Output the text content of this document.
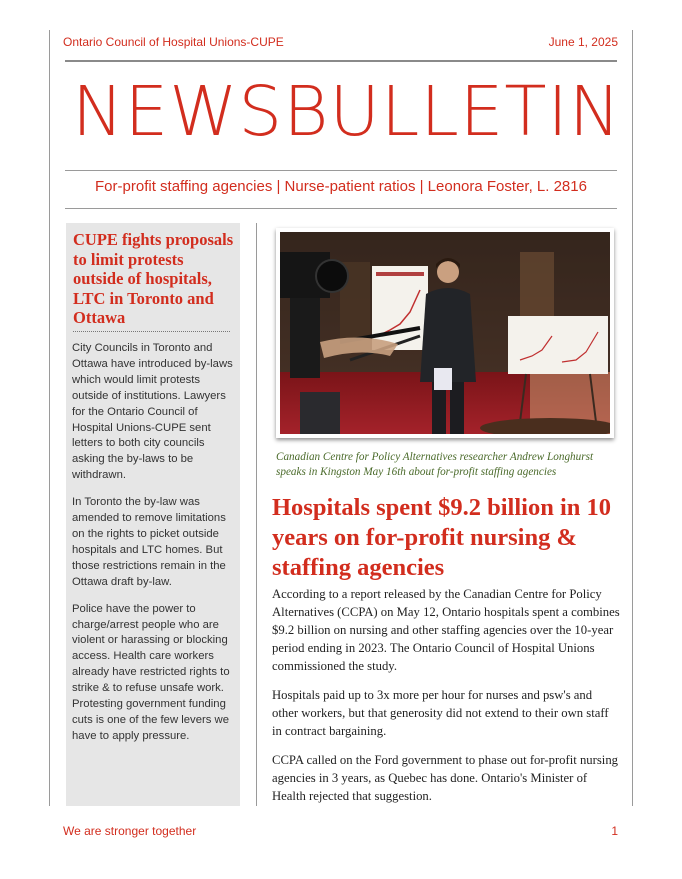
Ontario Council of Hospital Unions-CUPE	June 1, 2025
NEWSBULLETIN
For-profit staffing agencies | Nurse-patient ratios | Leonora Foster, L. 2816
CUPE fights proposals to limit protests outside of hospitals, LTC in Toronto and Ottawa

City Councils in Toronto and Ottawa have introduced by-laws which would limit protests outside of institutions. Lawyers for the Ontario Council of Hospital Unions-CUPE sent letters to both city councils asking the by-laws to be withdrawn.

In Toronto the by-law was amended to remove limitations on the rights to picket outside hospitals and LTC homes. But those restrictions remain in the Ottawa draft by-law.

Police have the power to charge/arrest people who are violent or harassing or blocking access. Health care workers already have restricted rights to strike & to refuse unsafe work. Protesting government funding cuts is one of the few levers we have to apply pressure.

Canadian Centre for Policy Alternatives researcher Andrew Longhurst speaks in Kingston May 16th about for-profit staffing agencies
Hospitals spent $9.2 billion in 10 years on for-profit nursing & staffing agencies

According to a report released by the Canadian Centre for Policy Alternatives (CCPA) on May 12, Ontario hospitals spent a combines $9.2 billion on nursing and other staffing agencies over the 10-year period ending in 2023. The Ontario Council of Hospital Unions commissioned the study.

Hospitals paid up to 3x more per hour for nurses and psw's and other workers, but that generosity did not extend to their own staff in contract bargaining.

CCPA called on the Ford government to phase out for-profit nursing agencies in 3 years, as Quebec has done. Ontario's Minister of Health rejected that suggestion.

We are stronger together	1
